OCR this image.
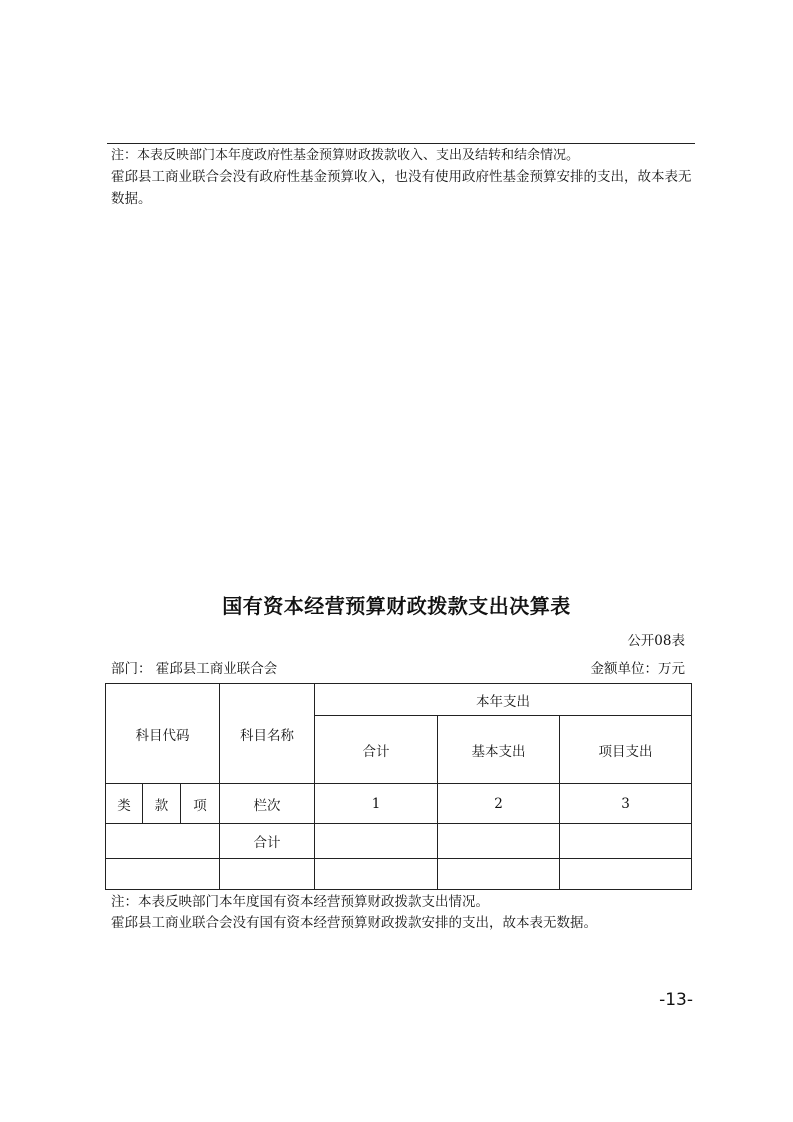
注：本表反映部门本年度政府性基金预算财政拨款收入、支出及结转和结余情况。
霍邱县工商业联合会没有政府性基金预算收入，也没有使用政府性基金预算安排的支出，故本表无数据。
国有资本经营预算财政拨款支出决算表
公开08表
部门： 霍邱县工商业联合会	金额单位：万元
科目代码			科目名称	本年支出		
				合计	基本支出	项目支出
类	款	项	栏次	1	2	3
			合计			

注：本表反映部门本年度国有资本经营预算财政拨款支出情况。
霍邱县工商业联合会没有国有资本经营预算财政拨款安排的支出，故本表无数据。
-13-
